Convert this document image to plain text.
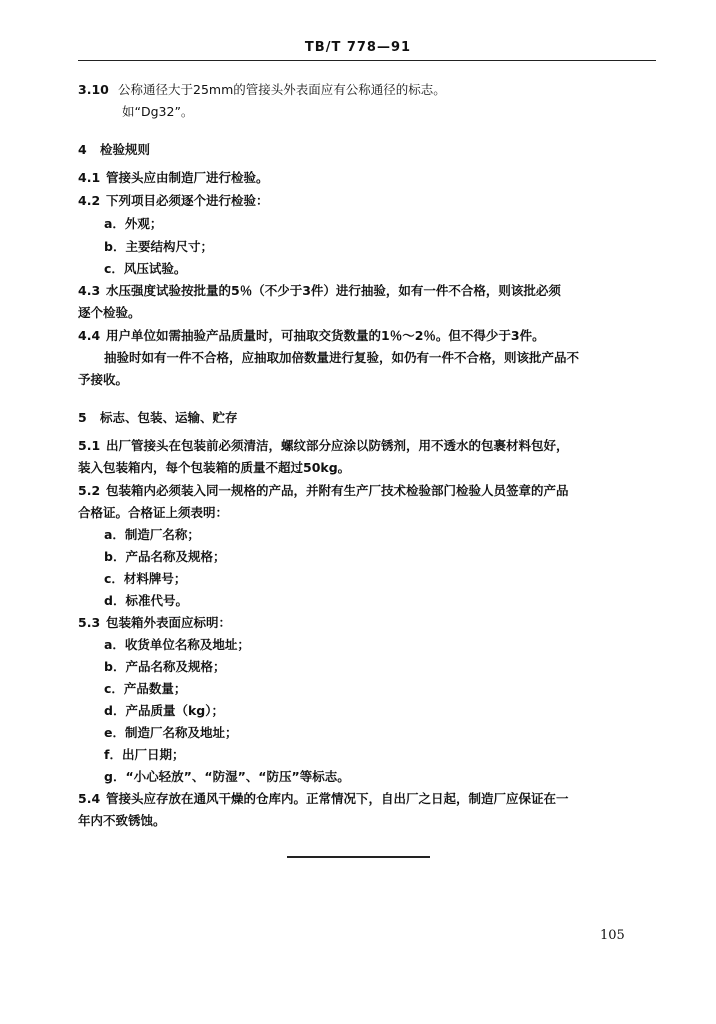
TB/T 778—91
3.10 公称通径大于25mm的管接头外表面应有公称通径的标志。
如“Dg32”。
4 检验规则
4.1 管接头应由制造厂进行检验。
4.2 下列项目必须逐个进行检验：
a．外观；
b．主要结构尺寸；
c．风压试验。
4.3 水压强度试验按批量的5％（不少于3件）进行抽验，如有一件不合格，则该批必须
逐个检验。
4.4 用户单位如需抽验产品质量时，可抽取交货数量的1％～2％。但不得少于3件。
抽验时如有一件不合格，应抽取加倍数量进行复验，如仍有一件不合格，则该批产品不
予接收。
5 标志、包装、运输、贮存
5.1 出厂管接头在包装前必须清洁，螺纹部分应涂以防锈剂，用不透水的包裹材料包好，
装入包装箱内，每个包装箱的质量不超过50kg。
5.2 包装箱内必须装入同一规格的产品，并附有生产厂技术检验部门检验人员签章的产品
合格证。合格证上须表明：
a．制造厂名称；
b．产品名称及规格；
c．材料牌号；
d．标准代号。
5.3 包装箱外表面应标明：
a．收货单位名称及地址；
b．产品名称及规格；
c．产品数量；
d．产品质量（kg）；
e．制造厂名称及地址；
f．出厂日期；
g．“小心轻放”、“防湿”、“防压”等标志。
5.4 管接头应存放在通风干燥的仓库内。正常情况下，自出厂之日起，制造厂应保证在一
年内不致锈蚀。
105
